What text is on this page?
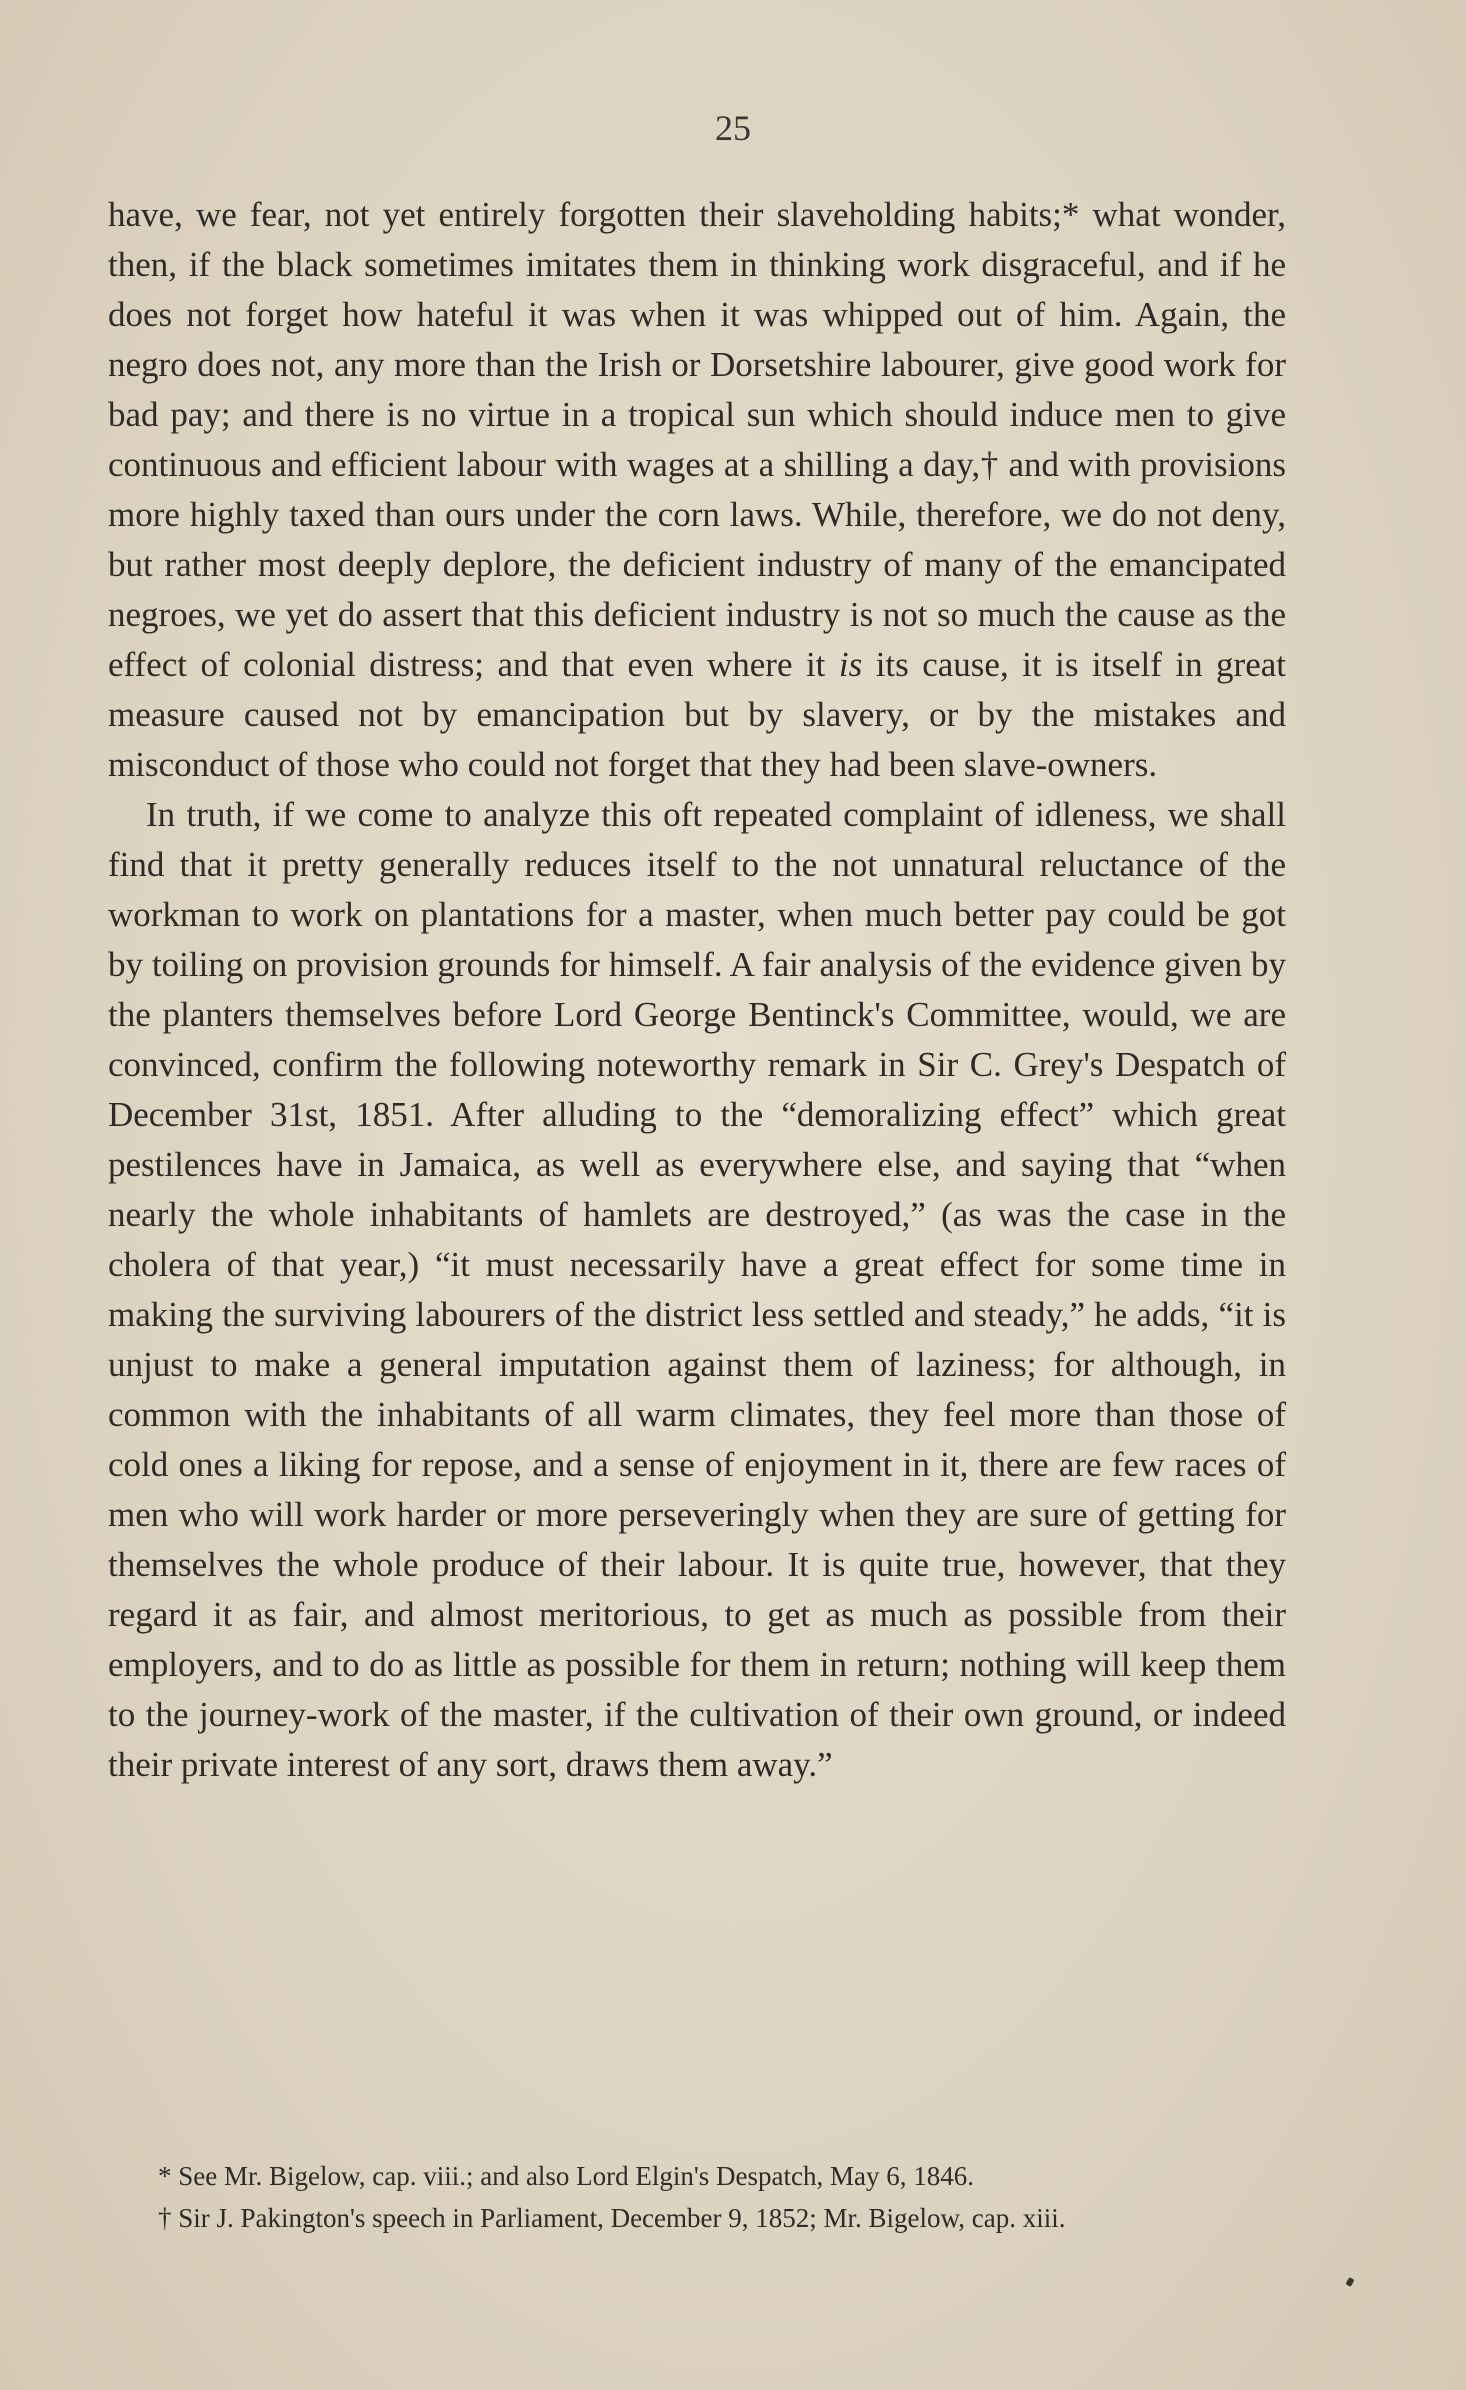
25

have, we fear, not yet entirely forgotten their slaveholding habits;* what wonder, then, if the black sometimes imitates them in thinking work disgraceful, and if he does not forget how hateful it was when it was whipped out of him. Again, the negro does not, any more than the Irish or Dorsetshire labourer, give good work for bad pay; and there is no virtue in a tropical sun which should induce men to give continuous and efficient labour with wages at a shilling a day,† and with provisions more highly taxed than ours under the corn laws. While, therefore, we do not deny, but rather most deeply deplore, the deficient industry of many of the emancipated negroes, we yet do assert that this deficient industry is not so much the cause as the effect of colonial distress; and that even where it is its cause, it is itself in great measure caused not by emancipation but by slavery, or by the mistakes and misconduct of those who could not forget that they had been slave-owners.

In truth, if we come to analyze this oft repeated complaint of idleness, we shall find that it pretty generally reduces itself to the not unnatural reluctance of the workman to work on plantations for a master, when much better pay could be got by toiling on provision grounds for himself. A fair analysis of the evidence given by the planters themselves before Lord George Bentinck's Committee, would, we are convinced, confirm the following noteworthy remark in Sir C. Grey's Despatch of December 31st, 1851. After alluding to the “demoralizing effect” which great pestilences have in Jamaica, as well as everywhere else, and saying that “when nearly the whole inhabitants of hamlets are destroyed,” (as was the case in the cholera of that year,) “it must necessarily have a great effect for some time in making the surviving labourers of the district less settled and steady,” he adds, “it is unjust to make a general imputation against them of laziness; for although, in common with the inhabitants of all warm climates, they feel more than those of cold ones a liking for repose, and a sense of enjoyment in it, there are few races of men who will work harder or more perseveringly when they are sure of getting for themselves the whole produce of their labour. It is quite true, however, that they regard it as fair, and almost meritorious, to get as much as possible from their employers, and to do as little as possible for them in return; nothing will keep them to the journey-work of the master, if the cultivation of their own ground, or indeed their private interest of any sort, draws them away.”

* See Mr. Bigelow, cap. viii.; and also Lord Elgin's Despatch, May 6, 1846.

† Sir J. Pakington's speech in Parliament, December 9, 1852; Mr. Bigelow, cap. xiii.
